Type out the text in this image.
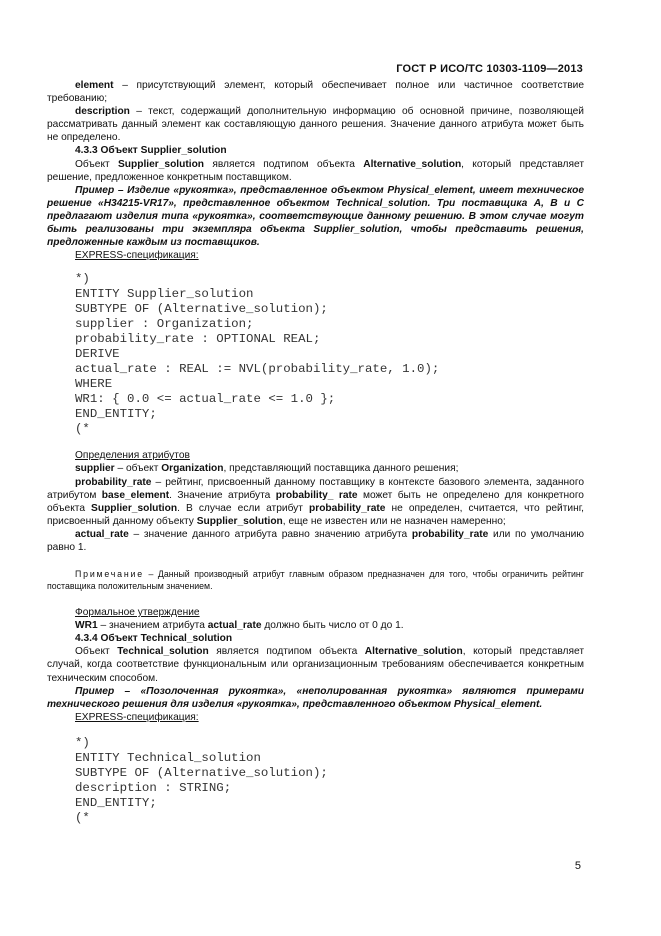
ГОСТ Р ИСО/ТС 10303-1109—2013

element – присутствующий элемент, который обеспечивает полное или частичное соответствие требованию;

description – текст, содержащий дополнительную информацию об основной причине, позволяющей рассматривать данный элемент как составляющую данного решения. Значение данного атрибута может быть не определено.

4.3.3 Объект Supplier_solution

Объект Supplier_solution является подтипом объекта Alternative_solution, который представляет решение, предложенное конкретным поставщиком.

Пример – Изделие «рукоятка», представленное объектом Physical_element, имеет техническое решение «H34215-VR17», представленное объектом Technical_solution. Три поставщика А, В и С предлагают изделия типа «рукоятка», соответствующие данному решению. В этом случае могут быть реализованы три экземпляра объекта Supplier_solution, чтобы представить решения, предложенные каждым из поставщиков.

EXPRESS-спецификация:

*)
ENTITY Supplier_solution
SUBTYPE OF (Alternative_solution);
supplier : Organization;
probability_rate : OPTIONAL REAL;
DERIVE
actual_rate : REAL := NVL(probability_rate, 1.0);
WHERE
WR1: { 0.0 <= actual_rate <= 1.0 };
END_ENTITY;
(*

Определения атрибутов

supplier – объект Organization, представляющий поставщика данного решения;

probability_rate – рейтинг, присвоенный данному поставщику в контексте базового элемента, заданного атрибутом base_element. Значение атрибута probability_ rate может быть не определено для конкретного объекта Supplier_solution. В случае если атрибут probability_rate не определен, считается, что рейтинг, присвоенный данному объекту Supplier_solution, еще не известен или не назначен намеренно;

actual_rate – значение данного атрибута равно значению атрибута probability_rate или по умолчанию равно 1.

Примечание – Данный производный атрибут главным образом предназначен для того, чтобы ограничить рейтинг поставщика положительным значением.

Формальное утверждение

WR1 – значением атрибута actual_rate должно быть число от 0 до 1.

4.3.4 Объект Technical_solution

Объект Technical_solution является подтипом объекта Alternative_solution, который представляет случай, когда соответствие функциональным или организационным требованиям обеспечивается конкретным техническим способом.

Пример – «Позолоченная рукоятка», «неполированная рукоятка» являются примерами технического решения для изделия «рукоятка», представленного объектом Physical_element.

EXPRESS-спецификация:

*)
ENTITY Technical_solution
SUBTYPE OF (Alternative_solution);
description : STRING;
END_ENTITY;
(*
5
